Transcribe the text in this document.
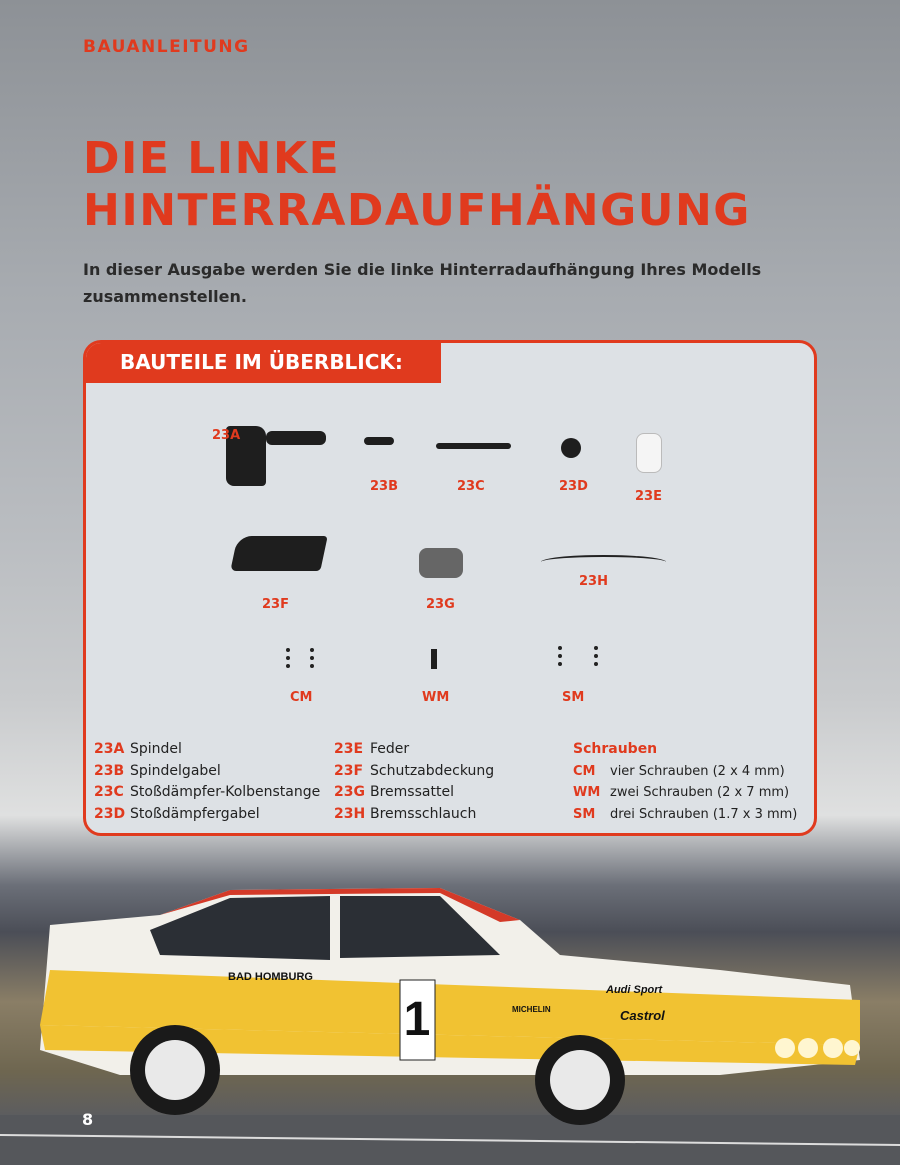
BAUANLEITUNG
DIE LINKE
HINTERRADAUFHÄNGUNG
In dieser Ausgabe werden Sie die linke Hinterradaufhängung Ihres Modells
zusammenstellen.
BAUTEILE IM ÜBERBLICK:
23A
23B	23C	23D
23E
23F	23G
23H
CM	WM	SM
23A Spindel
23B Spindelgabel
23C Stoßdämpfer-Kolbenstange
23D Stoßdämpfergabel
23E Feder
23F Schutzabdeckung
23G Bremssattel
23H Bremsschlauch
Schrauben
CM vier Schrauben (2 x 4 mm)
WM zwei Schrauben (2 x 7 mm)
SM drei Schrauben (1.7 x 3 mm)
1
BAD HOMBURG
Audi Sport
Castrol
MICHELIN
8
